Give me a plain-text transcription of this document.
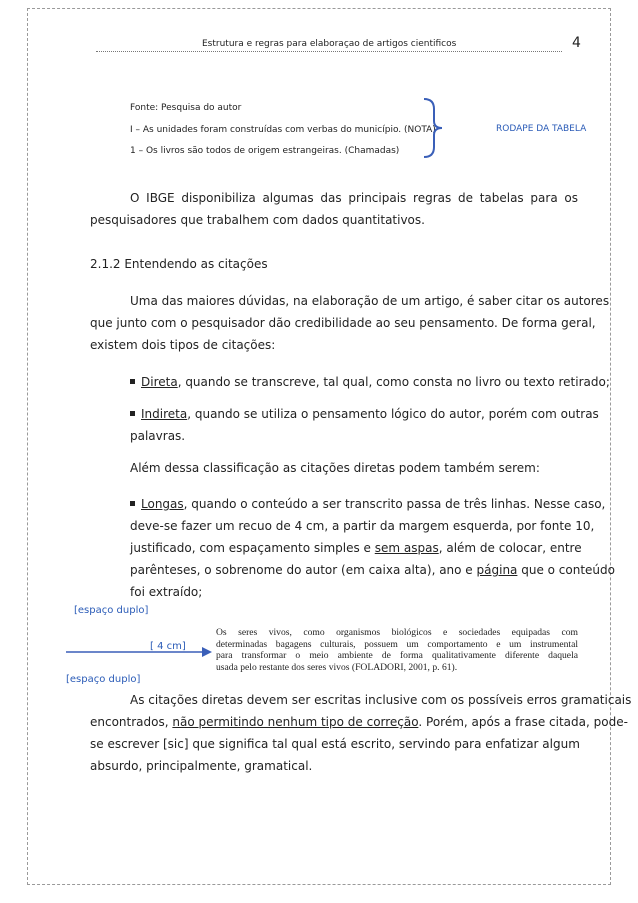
Estrutura e regras para elaboraçao de artigos cientificos	4
Fonte: Pesquisa do autor
I – As unidades foram construídas com verbas do município. (NOTA)
1 – Os livros são todos de origem estrangeiras. (Chamadas)
RODAPE DA TABELA
O IBGE disponibiliza algumas das principais regras de tabelas para os
pesquisadores que trabalhem com dados quantitativos.
2.1.2 Entendendo as citações
Uma das maiores dúvidas, na elaboração de um artigo, é saber citar os autores
que junto com o pesquisador dão credibilidade ao seu pensamento. De forma geral,
existem dois tipos de citações:
Direta, quando se transcreve, tal qual, como consta no livro ou texto retirado;
Indireta, quando se utiliza o pensamento lógico do autor, porém com outras
palavras.
Além dessa classificação as citações diretas podem também serem:
Longas, quando o conteúdo a ser transcrito passa de três linhas. Nesse caso,
deve-se fazer um recuo de 4 cm, a partir da margem esquerda, por fonte 10,
justificado, com espaçamento simples e sem aspas, além de colocar, entre
parênteses, o sobrenome do autor (em caixa alta), ano e página que o conteúdo
foi extraído;
[espaço duplo]
[ 4 cm]
[espaço duplo]
Os seres vivos, como organismos biológicos e sociedades equipadas com
determinadas bagagens culturais, possuem um comportamento e um instrumental
para transformar o meio ambiente de forma qualitativamente diferente daquela
usada pelo restante dos seres vivos (FOLADORI, 2001, p. 61).
As citações diretas devem ser escritas inclusive com os possíveis erros gramaticais
encontrados, não permitindo nenhum tipo de correção. Porém, após a frase citada, pode-
se escrever [sic] que significa tal qual está escrito, servindo para enfatizar algum
absurdo, principalmente, gramatical.
